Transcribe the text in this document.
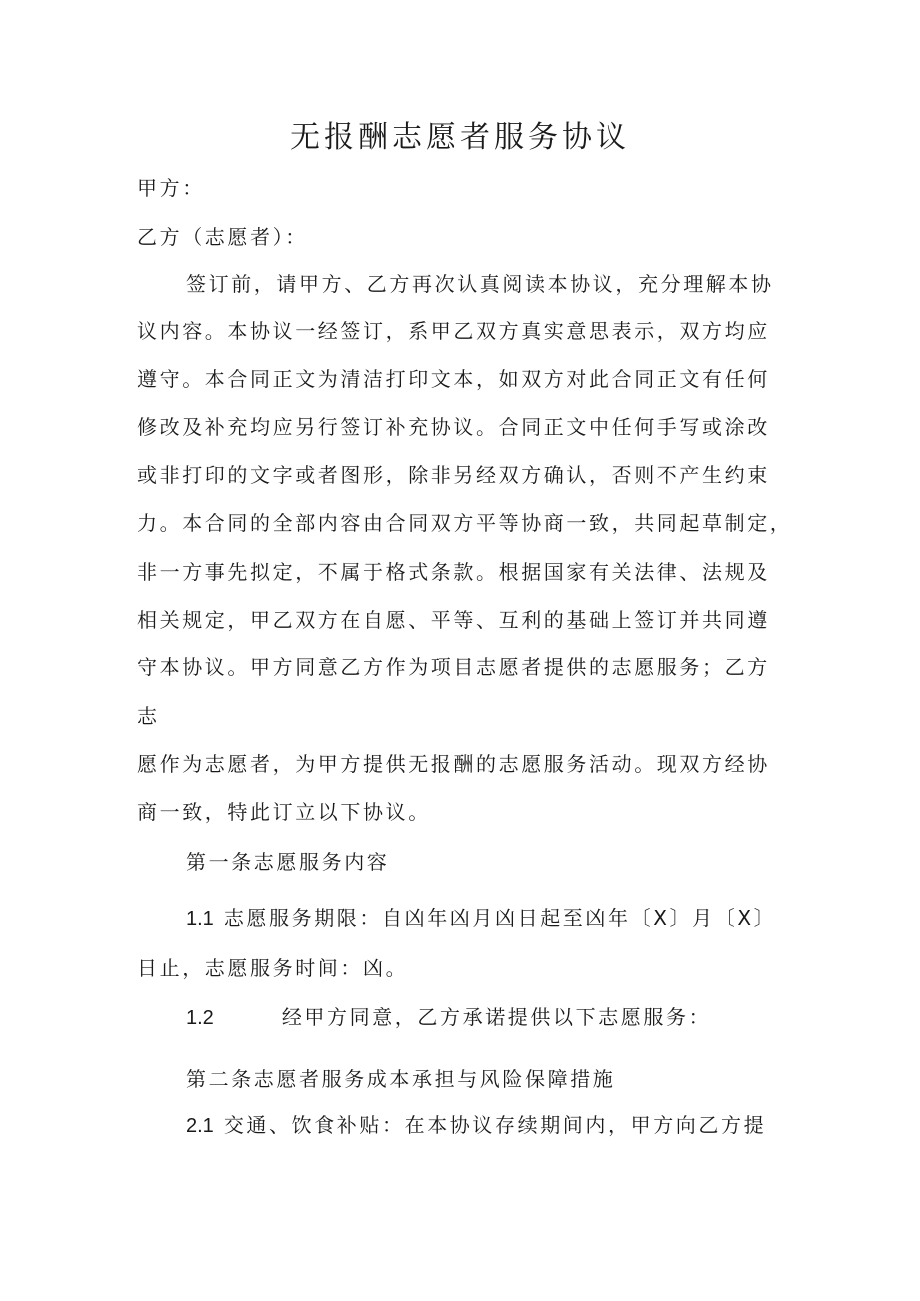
无报酬志愿者服务协议

甲方：

乙方（志愿者）：

签订前，请甲方、乙方再次认真阅读本协议，充分理解本协

议内容。本协议一经签订，系甲乙双方真实意思表示，双方均应

遵守。本合同正文为清洁打印文本，如双方对此合同正文有任何

修改及补充均应另行签订补充协议。合同正文中任何手写或涂改

或非打印的文字或者图形，除非另经双方确认，否则不产生约束

力。本合同的全部内容由合同双方平等协商一致，共同起草制定，

非一方事先拟定，不属于格式条款。根据国家有关法律、法规及

相关规定，甲乙双方在自愿、平等、互利的基础上签订并共同遵

守本协议。甲方同意乙方作为项目志愿者提供的志愿服务；乙方

志

愿作为志愿者，为甲方提供无报酬的志愿服务活动。现双方经协

商一致，特此订立以下协议。

第一条志愿服务内容

1.1 志愿服务期限：自凶年凶月凶日起至凶年〔X〕月〔X〕

日止，志愿服务时间：凶。

1.2	经甲方同意，乙方承诺提供以下志愿服务：

第二条志愿者服务成本承担与风险保障措施

2.1 交通、饮食补贴：在本协议存续期间内，甲方向乙方提
